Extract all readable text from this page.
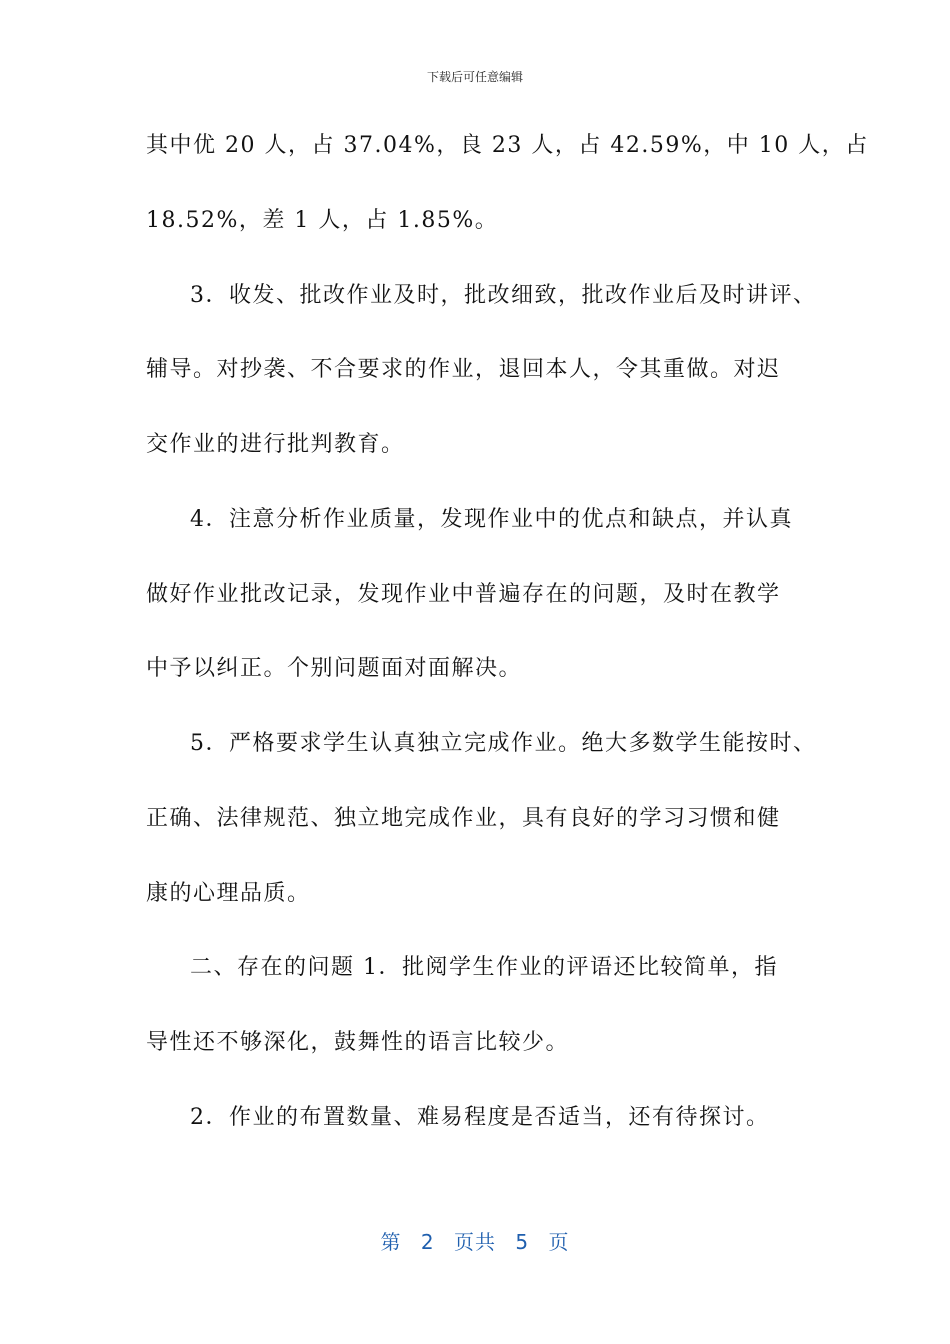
下载后可任意编辑
其中优 20 人，占 37.04%，良 23 人，占 42.59%，中 10 人，占
18.52%，差 1 人，占 1.85%。
3．收发、批改作业及时，批改细致，批改作业后及时讲评、
辅导。对抄袭、不合要求的作业，退回本人，令其重做。对迟
交作业的进行批判教育。
4．注意分析作业质量，发现作业中的优点和缺点，并认真
做好作业批改记录，发现作业中普遍存在的问题，及时在教学
中予以纠正。个别问题面对面解决。
5．严格要求学生认真独立完成作业。绝大多数学生能按时、
正确、法律规范、独立地完成作业，具有良好的学习习惯和健
康的心理品质。
二、存在的问题 1．批阅学生作业的评语还比较简单，指
导性还不够深化，鼓舞性的语言比较少。
2．作业的布置数量、难易程度是否适当，还有待探讨。
第 2 页共 5 页
